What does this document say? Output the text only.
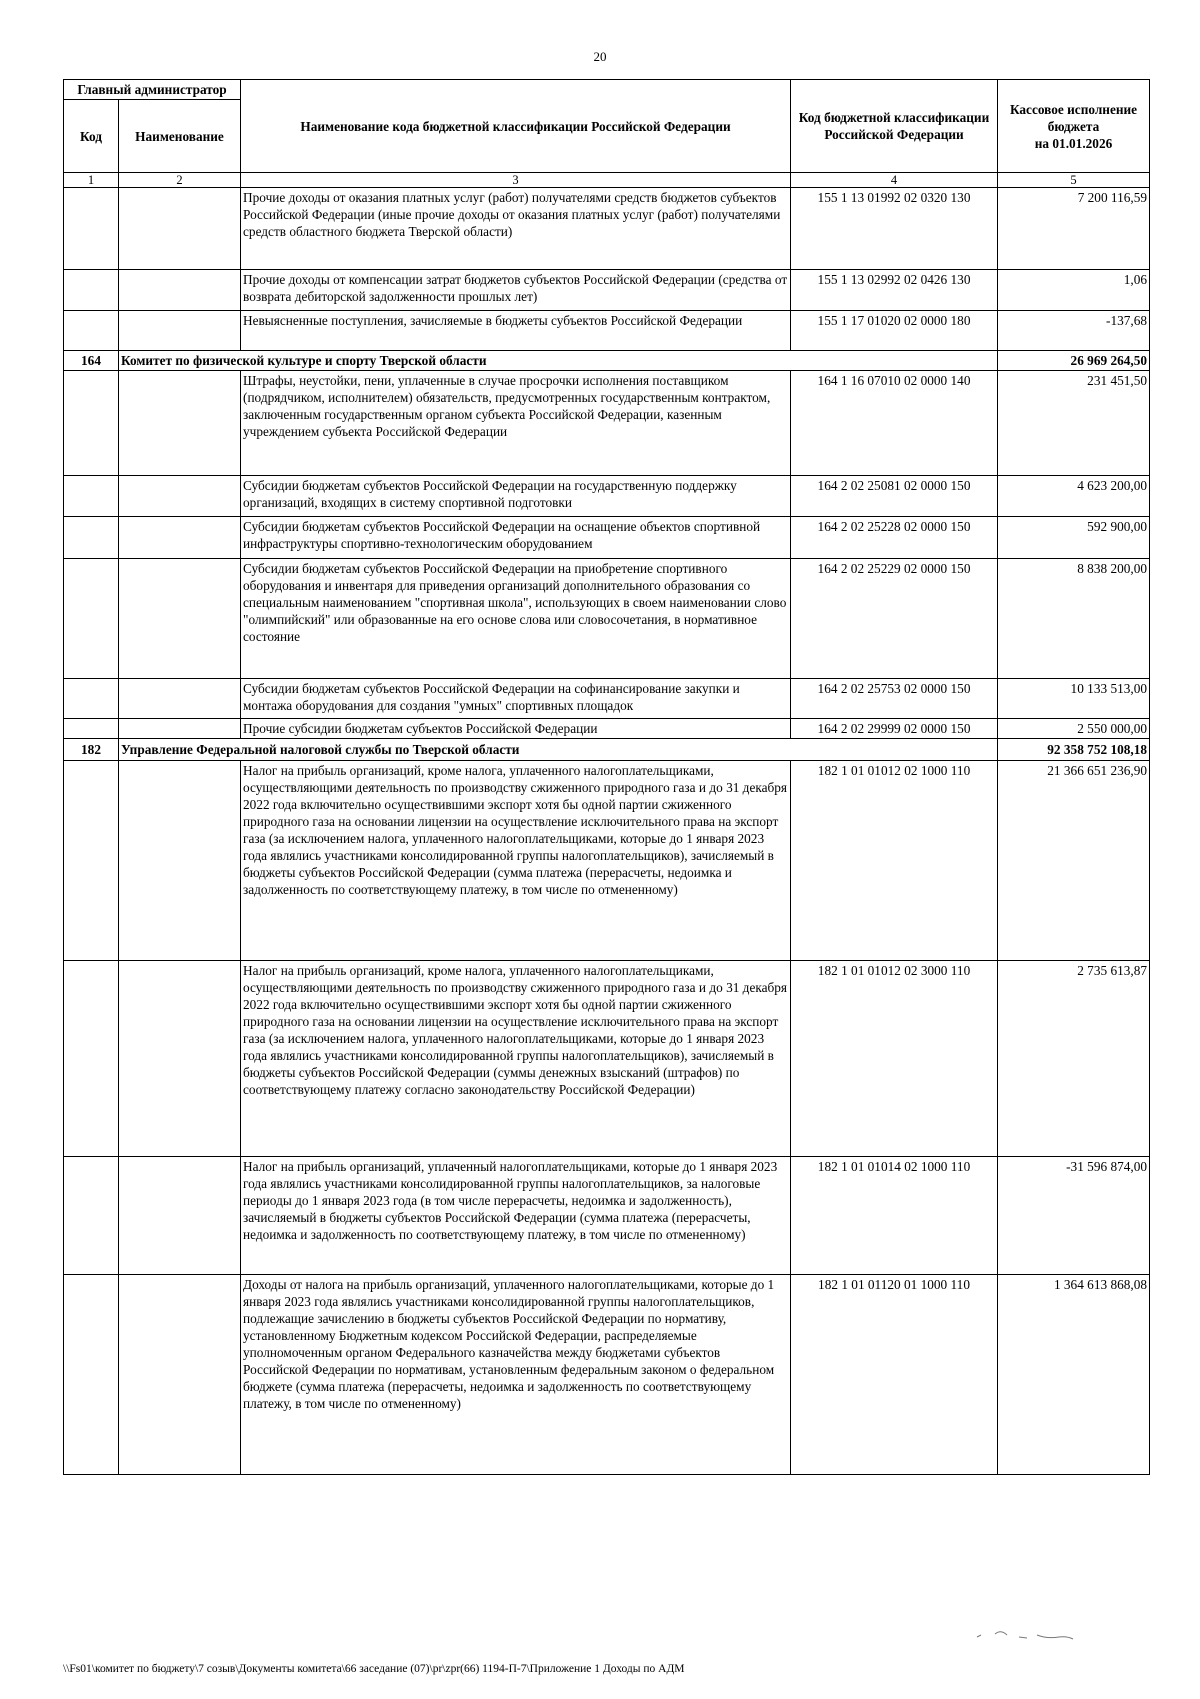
20
Главный администратор		Наименование кода бюджетной классификации Российской Федерации	Код бюджетной классификации Российской Федерации	Кассовое исполнение
бюджета
на 01.01.2026
Код	Наименование			
1	2	3	4	5
		Прочие доходы от оказания платных услуг (работ) получателями средств бюджетов субъектов Российской Федерации (иные прочие доходы от оказания платных услуг (работ) получателями средств областного бюджета Тверской области)	155 1 13 01992 02 0320 130	7 200 116,59
		Прочие доходы от компенсации затрат бюджетов субъектов Российской Федерации (средства от возврата дебиторской задолженности прошлых лет)	155 1 13 02992 02 0426 130	1,06
		Невыясненные поступления, зачисляемые в бюджеты субъектов Российской Федерации	155 1 17 01020 02 0000 180	-137,68
164	Комитет по физической культуре и спорту Тверской области			26 969 264,50
		Штрафы, неустойки, пени, уплаченные в случае просрочки исполнения поставщиком (подрядчиком, исполнителем) обязательств, предусмотренных государственным контрактом, заключенным государственным органом субъекта Российской Федерации, казенным учреждением субъекта Российской Федерации	164 1 16 07010 02 0000 140	231 451,50
		Субсидии бюджетам субъектов Российской Федерации на государственную поддержку организаций, входящих в систему спортивной подготовки	164 2 02 25081 02 0000 150	4 623 200,00
		Субсидии бюджетам субъектов Российской Федерации на оснащение объектов спортивной инфраструктуры спортивно-технологическим оборудованием	164 2 02 25228 02 0000 150	592 900,00
		Субсидии бюджетам субъектов Российской Федерации на приобретение спортивного оборудования и инвентаря для приведения организаций дополнительного образования со специальным наименованием "спортивная школа", использующих в своем наименовании слово "олимпийский" или образованные на его основе слова или словосочетания, в нормативное состояние	164 2 02 25229 02 0000 150	8 838 200,00
		Субсидии бюджетам субъектов Российской Федерации на софинансирование закупки и монтажа оборудования для создания "умных" спортивных площадок	164 2 02 25753 02 0000 150	10 133 513,00
		Прочие субсидии бюджетам субъектов Российской Федерации	164 2 02 29999 02 0000 150	2 550 000,00
182	Управление Федеральной налоговой службы по Тверской области			92 358 752 108,18
		Налог на прибыль организаций, кроме налога, уплаченного налогоплательщиками, осуществляющими деятельность по производству сжиженного природного газа и до 31 декабря 2022 года включительно осуществившими экспорт хотя бы одной партии сжиженного природного газа на основании лицензии на осуществление исключительного права на экспорт газа (за исключением налога, уплаченного налогоплательщиками, которые до 1 января 2023 года являлись участниками консолидированной группы налогоплательщиков), зачисляемый в бюджеты субъектов Российской Федерации (сумма платежа (перерасчеты, недоимка и задолженность по соответствующему платежу, в том числе по отмененному)	182 1 01 01012 02 1000 110	21 366 651 236,90
		Налог на прибыль организаций, кроме налога, уплаченного налогоплательщиками, осуществляющими деятельность по производству сжиженного природного газа и до 31 декабря 2022 года включительно осуществившими экспорт хотя бы одной партии сжиженного природного газа на основании лицензии на осуществление исключительного права на экспорт газа (за исключением налога, уплаченного налогоплательщиками, которые до 1 января 2023 года являлись участниками консолидированной группы налогоплательщиков), зачисляемый в бюджеты субъектов Российской Федерации (суммы денежных взысканий (штрафов) по соответствующему платежу согласно законодательству Российской Федерации)	182 1 01 01012 02 3000 110	2 735 613,87
		Налог на прибыль организаций, уплаченный налогоплательщиками, которые до 1 января 2023 года являлись участниками консолидированной группы налогоплательщиков, за налоговые периоды до 1 января 2023 года (в том числе перерасчеты, недоимка и задолженность), зачисляемый в бюджеты субъектов Российской Федерации (сумма платежа (перерасчеты, недоимка и задолженность по соответствующему платежу, в том числе по отмененному)	182 1 01 01014 02 1000 110	-31 596 874,00
		Доходы от налога на прибыль организаций, уплаченного налогоплательщиками, которые до 1 января 2023 года являлись участниками консолидированной группы налогоплательщиков, подлежащие зачислению в бюджеты субъектов Российской Федерации по нормативу, установленному Бюджетным кодексом Российской Федерации, распределяемые уполномоченным органом Федерального казначейства между бюджетами субъектов Российской Федерации по нормативам, установленным федеральным законом о федеральном бюджете (сумма платежа (перерасчеты, недоимка и задолженность по соответствующему платежу, в том числе по отмененному)	182 1 01 01120 01 1000 110	1 364 613 868,08
\\Fs01\комитет по бюджету\7 созыв\Документы комитета\66 заседание (07)\pr\zpr(66) 1194-П-7\Приложение 1 Доходы по АДМ
